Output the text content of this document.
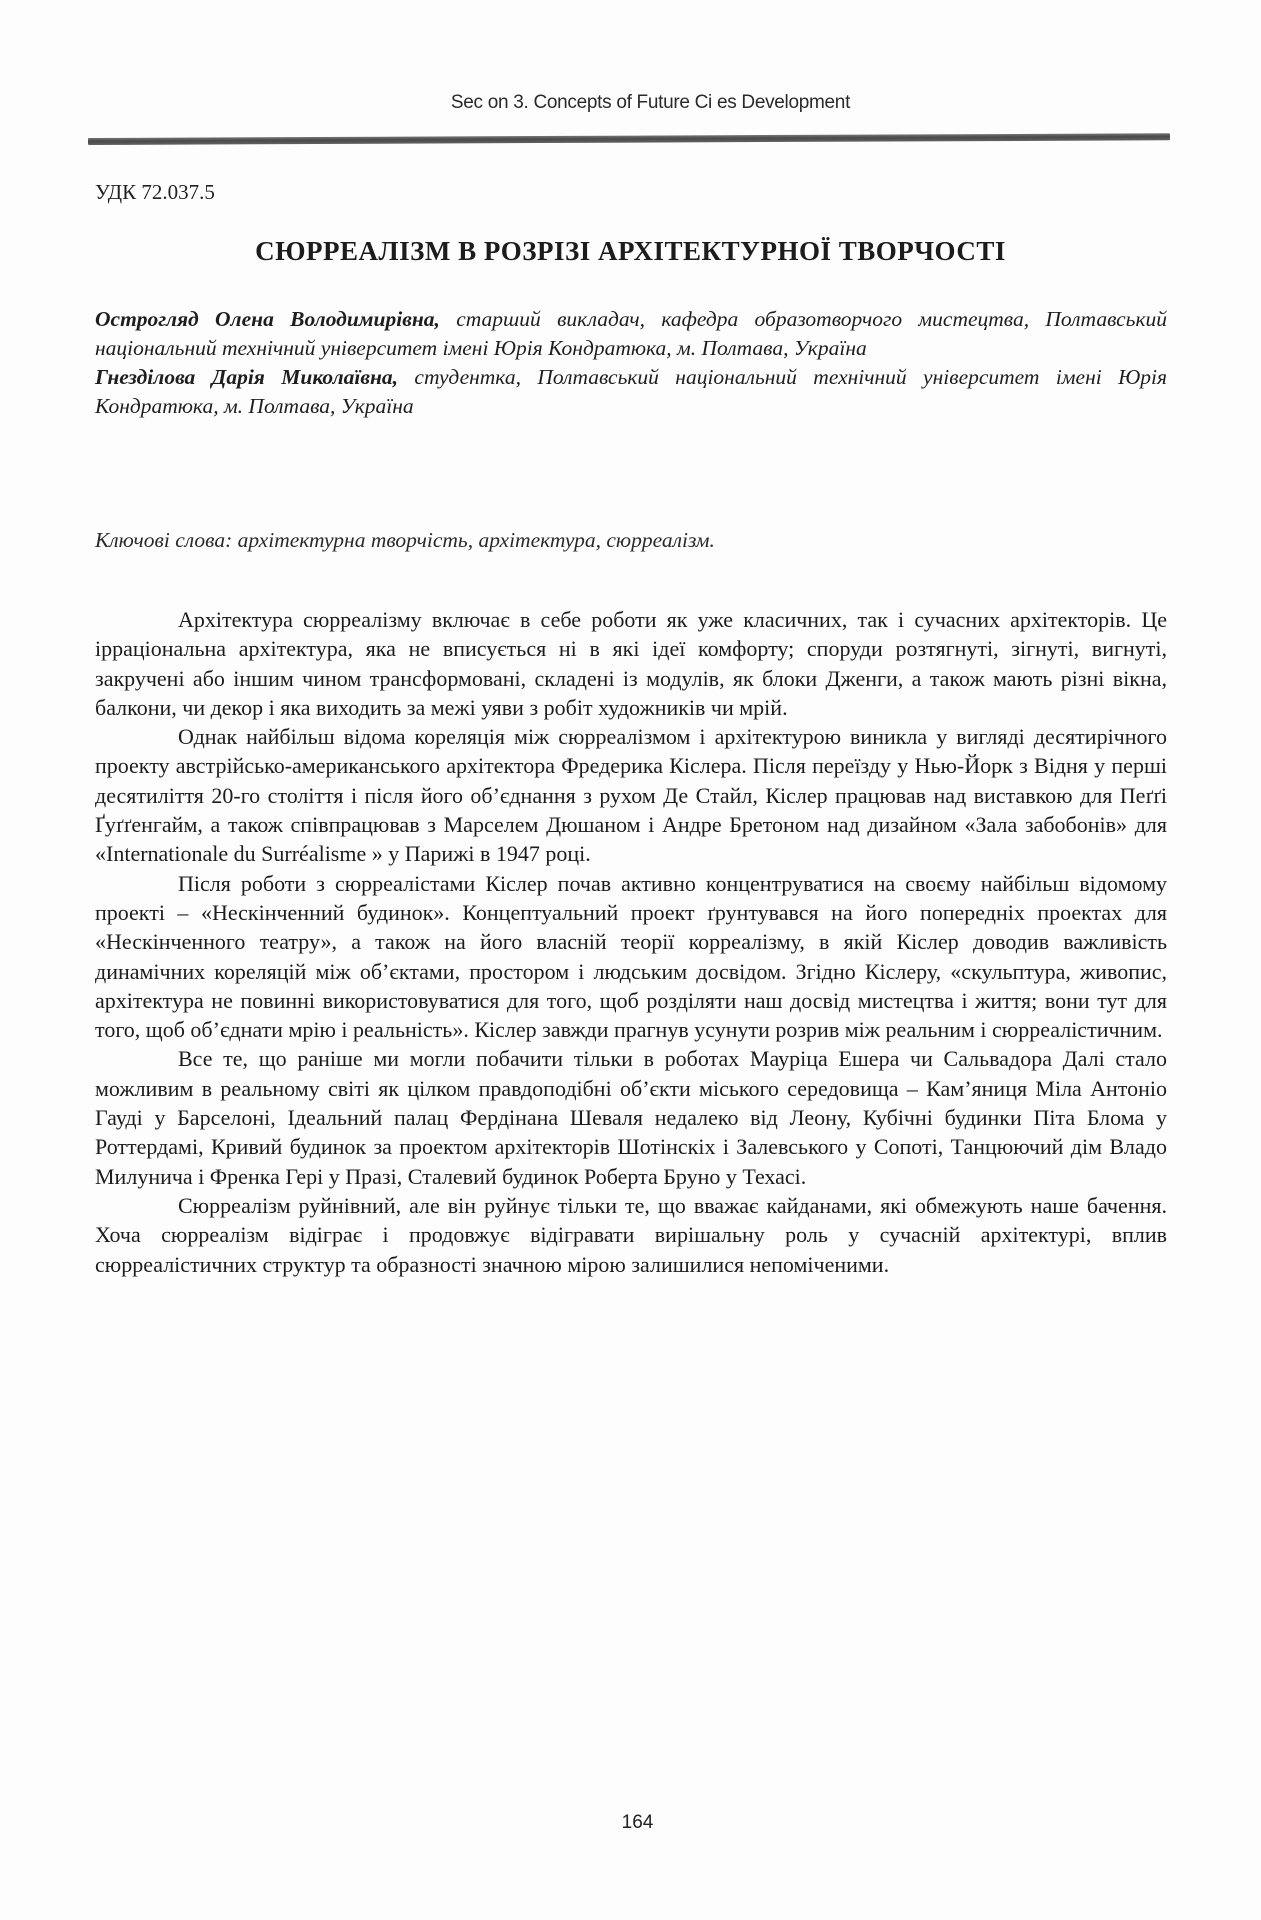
Sec on 3. Concepts of Future Ci es Development
УДК 72.037.5
СЮРРЕАЛІЗМ В РОЗРІЗІ АРХІТЕКТУРНОЇ ТВОРЧОСТІ

Острогляд Олена Володимирівна, старший викладач, кафедра образотворчого мистецтва, Полтавський національний технічний університет імені Юрія Кондратюка, м. Полтава, Україна

Гнезділова Дарія Миколаївна, студентка, Полтавський національний технічний університет імені Юрія Кондратюка, м. Полтава, Україна

Ключові слова: архітектурна творчість, архітектура, сюрреалізм.

Архітектура сюрреалізму включає в себе роботи як уже класичних, так і сучасних архітекторів. Це ірраціональна архітектура, яка не вписується ні в які ідеї комфорту; споруди розтягнуті, зігнуті, вигнуті, закручені або іншим чином трансформовані, складені із модулів, як блоки Дженги, а також мають різні вікна, балкони, чи декор і яка виходить за межі уяви з робіт художників чи мрій.

Однак найбільш відома кореляція між сюрреалізмом і архітектурою виникла у вигляді десятирічного проекту австрійсько-американського архітектора Фредерика Кіслера. Після переїзду у Нью-Йорк з Відня у перші десятиліття 20-го століття і після його об’єднання з рухом Де Стайл, Кіслер працював над виставкою для Пеґґі Ґуґґенгайм, а також співпрацював з Марселем Дюшаном і Андре Бретоном над дизайном «Зала забобонів» для «Internationale du Surréalisme » у Парижі в 1947 році.

Після роботи з сюрреалістами Кіслер почав активно концентруватися на своєму найбільш відомому проекті – «Нескінченний будинок». Концептуальний проект ґрунтувався на його попередніх проектах для «Нескінченного театру», а також на його власній теорії корреалізму, в якій Кіслер доводив важливість динамічних кореляцій між об’єктами, простором і людським досвідом. Згідно Кіслеру, «скульптура, живопис, архітектура не повинні використовуватися для того, щоб розділяти наш досвід мистецтва і життя; вони тут для того, щоб об’єднати мрію і реальність». Кіслер завжди прагнув усунути розрив між реальним і сюрреалістичним.

Все те, що раніше ми могли побачити тільки в роботах Мауріца Ешера чи Сальвадора Далі стало можливим в реальному світі як цілком правдоподібні об’єкти міського середовища – Кам’яниця Міла Антоніо Гауді у Барселоні, Ідеальний палац Фердінана Шеваля недалеко від Леону, Кубічні будинки Піта Блома у Роттердамі, Кривий будинок за проектом архітекторів Шотінскіх і Залевського у Сопоті, Танцюючий дім Владо Милунича і Френка Гері у Празі, Сталевий будинок Роберта Бруно у Техасі.

Сюрреалізм руйнівний, але він руйнує тільки те, що вважає кайданами, які обмежують наше бачення. Хоча сюрреалізм відіграє і продовжує відігравати вирішальну роль у сучасній архітектурі, вплив сюрреалістичних структур та образності значною мірою залишилися непоміченими.

164
